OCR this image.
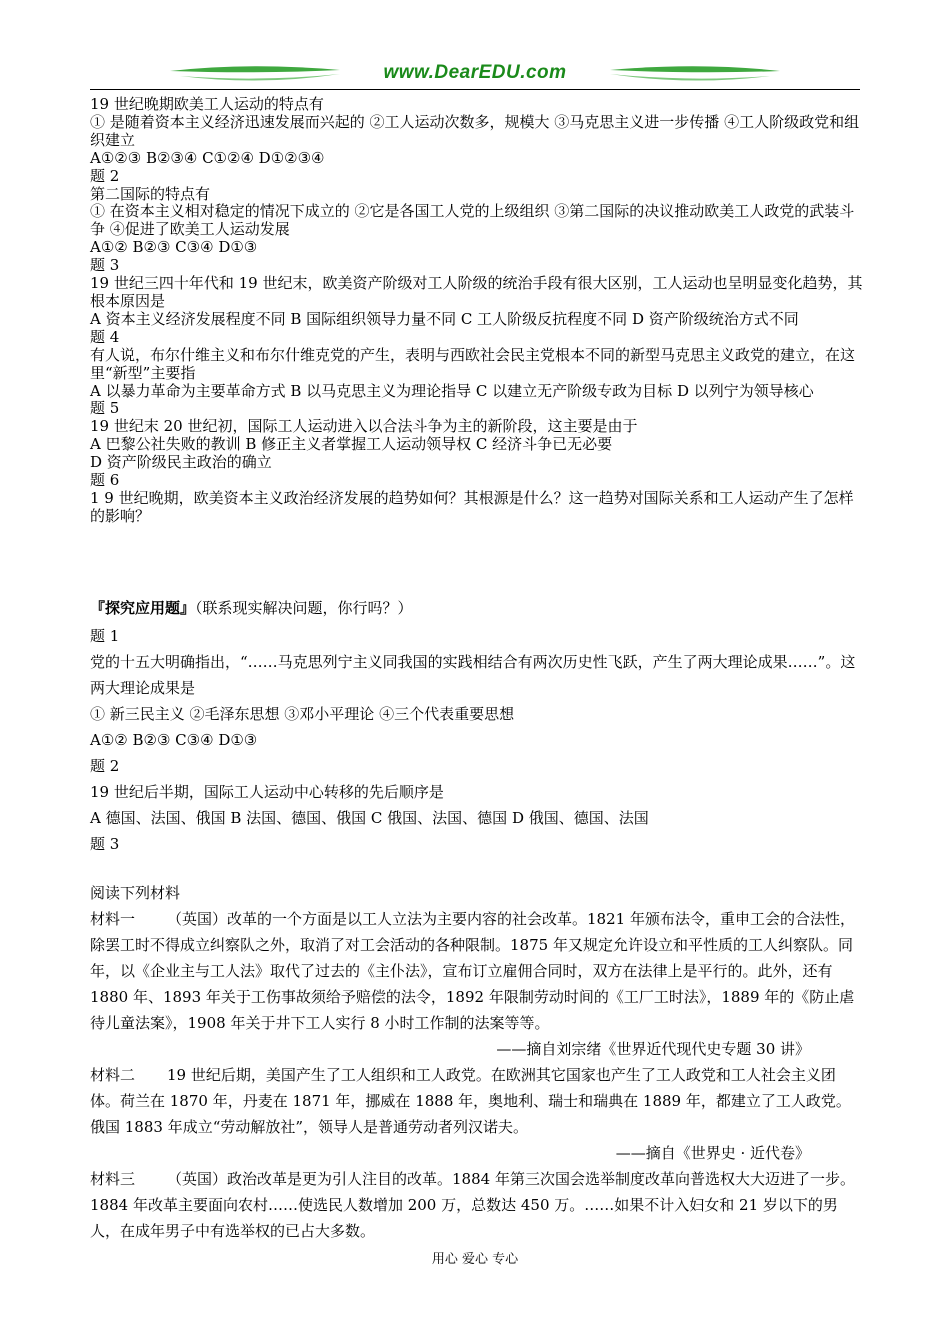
www.DearEDU.com

19 世纪晚期欧美工人运动的特点有

① 是随着资本主义经济迅速发展而兴起的 ②工人运动次数多，规模大 ③马克思主义进一步传播 ④工人阶级政党和组织建立

A①②③ B②③④ C①②④ D①②③④

题 2

第二国际的特点有

① 在资本主义相对稳定的情况下成立的 ②它是各国工人党的上级组织 ③第二国际的决议推动欧美工人政党的武装斗争 ④促进了欧美工人运动发展

A①② B②③ C③④ D①③

题 3

19 世纪三四十年代和 19 世纪末，欧美资产阶级对工人阶级的统治手段有很大区别，工人运动也呈明显变化趋势，其根本原因是

A 资本主义经济发展程度不同 B 国际组织领导力量不同 C 工人阶级反抗程度不同 D 资产阶级统治方式不同

题 4

有人说，布尔什维主义和布尔什维克党的产生，表明与西欧社会民主党根本不同的新型马克思主义政党的建立，在这里“新型”主要指

A 以暴力革命为主要革命方式 B 以马克思主义为理论指导 C 以建立无产阶级专政为目标 D 以列宁为领导核心

题 5

19 世纪末 20 世纪初，国际工人运动进入以合法斗争为主的新阶段，这主要是由于

A 巴黎公社失败的教训 B 修正主义者掌握工人运动领导权 C 经济斗争已无必要

D 资产阶级民主政治的确立

题 6

1 9 世纪晚期，欧美资本主义政治经济发展的趋势如何？其根源是什么？这一趋势对国际关系和工人运动产生了怎样的影响？

『探究应用题』（联系现实解决问题，你行吗？）

题 1

党的十五大明确指出，“……马克思列宁主义同我国的实践相结合有两次历史性飞跃，产生了两大理论成果……”。这两大理论成果是

① 新三民主义 ②毛泽东思想 ③邓小平理论 ④三个代表重要思想

A①② B②③ C③④ D①③

题 2

19 世纪后半期，国际工人运动中心转移的先后顺序是

A 德国、法国、俄国 B 法国、德国、俄国 C 俄国、法国、德国 D 俄国、德国、法国

题 3

阅读下列材料

材料一 （英国）改革的一个方面是以工人立法为主要内容的社会改革。1821 年颁布法令，重申工会的合法性，除罢工时不得成立纠察队之外，取消了对工会活动的各种限制。1875 年又规定允许设立和平性质的工人纠察队。同年，以《企业主与工人法》取代了过去的《主仆法》，宣布订立雇佣合同时，双方在法律上是平行的。此外，还有 1880 年、1893 年关于工伤事故须给予赔偿的法令，1892 年限制劳动时间的《工厂工时法》，1889 年的《防止虐待儿童法案》，1908 年关于井下工人实行 8 小时工作制的法案等等。

——摘自刘宗绪《世界近代现代史专题 30 讲》

材料二 19 世纪后期，美国产生了工人组织和工人政党。在欧洲其它国家也产生了工人政党和工人社会主义团体。荷兰在 1870 年，丹麦在 1871 年，挪威在 1888 年，奥地利、瑞士和瑞典在 1889 年，都建立了工人政党。俄国 1883 年成立“劳动解放社”，领导人是普通劳动者列汉诺夫。

——摘自《世界史 · 近代卷》

材料三 （英国）政治改革是更为引人注目的改革。1884 年第三次国会选举制度改革向普选权大大迈进了一步。1884 年改革主要面向农村……使选民人数增加 200 万，总数达 450 万。……如果不计入妇女和 21 岁以下的男人，在成年男子中有选举权的已占大多数。

用心 爱心 专心
